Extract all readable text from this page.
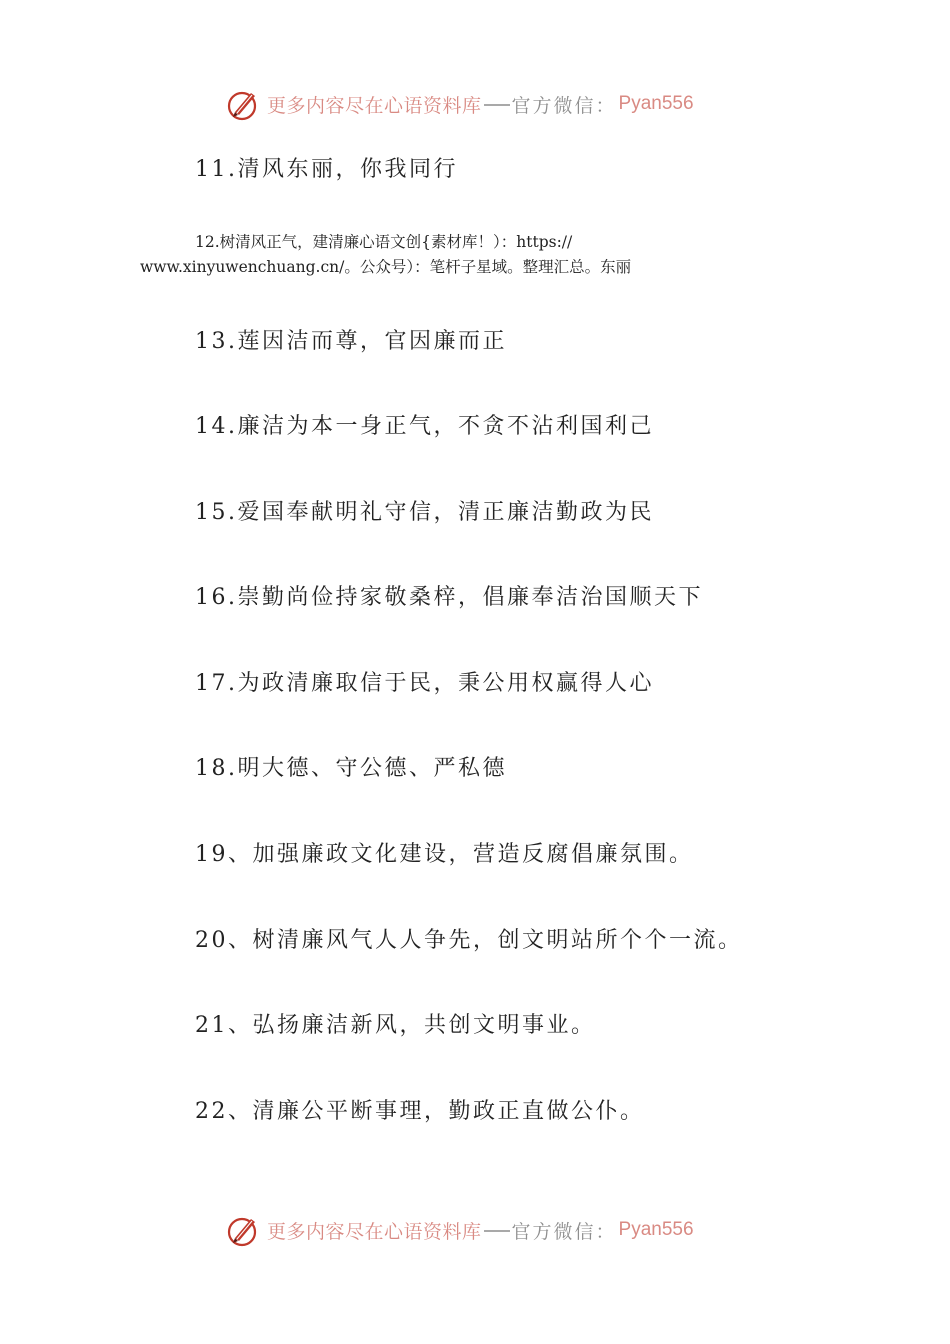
更多内容尽在心语资料库 官方微信： Pyan556
11.清风东丽，你我同行
12.树清风正气，建清廉心语文创{素材库！）：https://
www.xinyuwenchuang.cn/。公众号）：笔杆子星域。整理汇总。东丽
13.莲因洁而尊，官因廉而正
14.廉洁为本一身正气，不贪不沾利国利己
15.爱国奉献明礼守信，清正廉洁勤政为民
16.崇勤尚俭持家敬桑梓，倡廉奉洁治国顺天下
17.为政清廉取信于民，秉公用权赢得人心
18.明大德、守公德、严私德
19、加强廉政文化建设，营造反腐倡廉氛围。
20、树清廉风气人人争先，创文明站所个个一流。
21、弘扬廉洁新风，共创文明事业。
22、清廉公平断事理，勤政正直做公仆。
更多内容尽在心语资料库 官方微信： Pyan556
